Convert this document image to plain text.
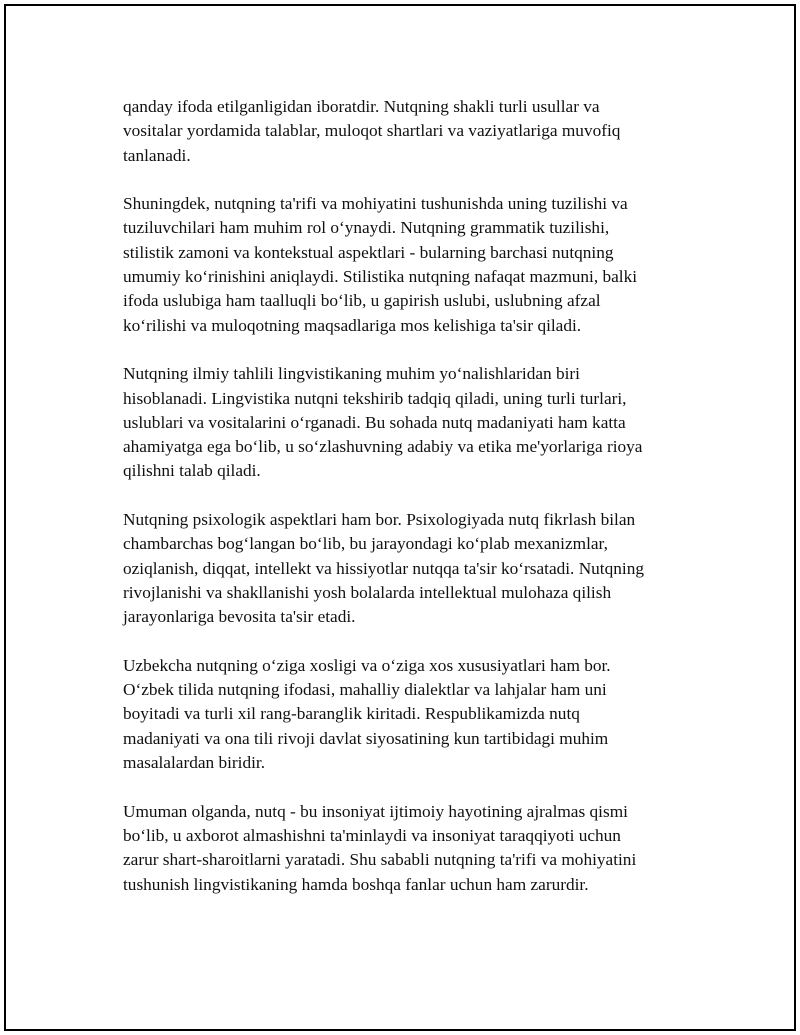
qanday ifoda etilganligidan iboratdir. Nutqning shakli turli usullar va
vositalar yordamida talablar, muloqot shartlari va vaziyatlariga muvofiq
tanlanadi.

Shuningdek, nutqning ta'rifi va mohiyatini tushunishda uning tuzilishi va
tuziluvchilari ham muhim rol o‘ynaydi. Nutqning grammatik tuzilishi,
stilistik zamoni va kontekstual aspektlari - bularning barchasi nutqning
umumiy ko‘rinishini aniqlaydi. Stilistika nutqning nafaqat mazmuni, balki
ifoda uslubiga ham taalluqli bo‘lib, u gapirish uslubi, uslubning afzal
ko‘rilishi va muloqotning maqsadlariga mos kelishiga ta'sir qiladi.

Nutqning ilmiy tahlili lingvistikaning muhim yo‘nalishlaridan biri
hisoblanadi. Lingvistika nutqni tekshirib tadqiq qiladi, uning turli turlari,
uslublari va vositalarini o‘rganadi. Bu sohada nutq madaniyati ham katta
ahamiyatga ega bo‘lib, u so‘zlashuvning adabiy va etika me'yorlariga rioya
qilishni talab qiladi.

Nutqning psixologik aspektlari ham bor. Psixologiyada nutq fikrlash bilan
chambarchas bog‘langan bo‘lib, bu jarayondagi ko‘plab mexanizmlar,
oziqlanish, diqqat, intellekt va hissiyotlar nutqqa ta'sir ko‘rsatadi. Nutqning
rivojlanishi va shakllanishi yosh bolalarda intellektual mulohaza qilish
jarayonlariga bevosita ta'sir etadi.

Uzbekcha nutqning o‘ziga xosligi va o‘ziga xos xususiyatlari ham bor.
O‘zbek tilida nutqning ifodasi, mahalliy dialektlar va lahjalar ham uni
boyitadi va turli xil rang-baranglik kiritadi. Respublikamizda nutq
madaniyati va ona tili rivoji davlat siyosatining kun tartibidagi muhim
masalalardan biridir.

Umuman olganda, nutq - bu insoniyat ijtimoiy hayotining ajralmas qismi
bo‘lib, u axborot almashishni ta'minlaydi va insoniyat taraqqiyoti uchun
zarur shart-sharoitlarni yaratadi. Shu sababli nutqning ta'rifi va mohiyatini
tushunish lingvistikaning hamda boshqa fanlar uchun ham zarurdir.
